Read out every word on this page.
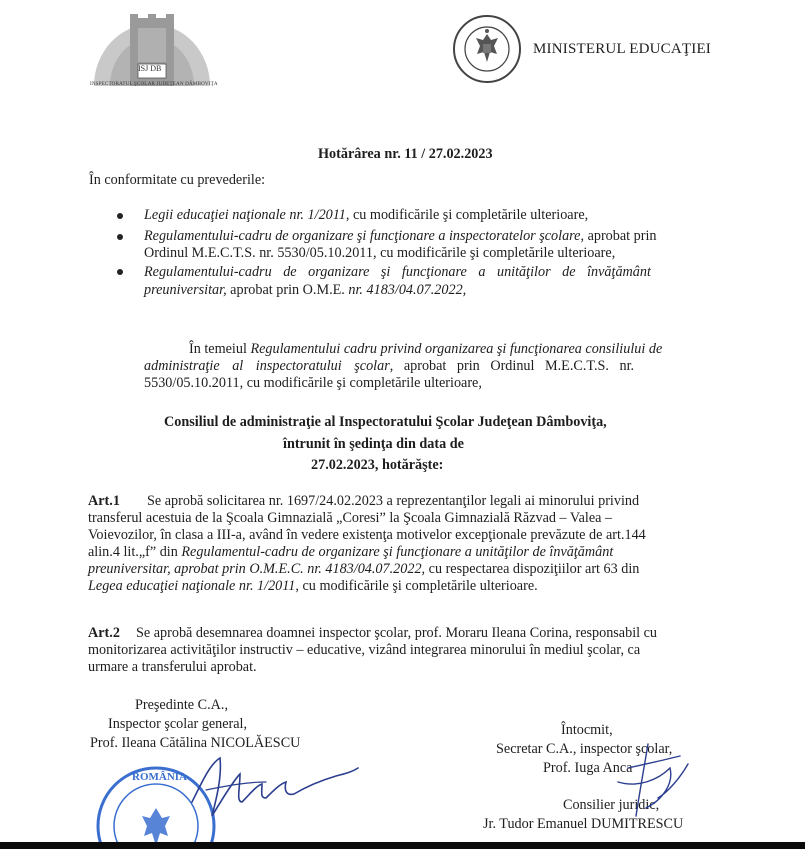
ISJ DB
INSPECTORATUL ŞCOLAR JUDEŢEAN DÂMBOVIŢA
MINISTERUL EDUCAŢIEI
Hotărârea nr. 11 / 27.02.2023
În conformitate cu prevederile:
Legii educaţiei naţionale nr. 1/2011, cu modificările şi completările ulterioare,
Regulamentului-cadru de organizare şi funcţionare a inspectoratelor şcolare, aprobat prin
Ordinul M.E.C.T.S. nr. 5530/05.10.2011, cu modificările şi completările ulterioare,
Regulamentului-cadru de organizare şi funcţionare a unităţilor de învăţământ
preuniversitar, aprobat prin O.M.E. nr. 4183/04.07.2022,
În temeiul Regulamentului cadru privind organizarea şi funcţionarea consiliului de
administraţie al inspectoratului şcolar, aprobat prin Ordinul M.E.C.T.S. nr.
5530/05.10.2011, cu modificările şi completările ulterioare,
Consiliul de administraţie al Inspectoratului Şcolar Judeţean Dâmboviţa,
întrunit în şedinţa din data de
27.02.2023, hotărăşte:
Art.1 Se aprobă solicitarea nr. 1697/24.02.2023 a reprezentanţilor legali ai minorului privind
transferul acestuia de la Şcoala Gimnazială „Coresi” la Şcoala Gimnazială Răzvad – Valea –
Voievozilor, în clasa a III-a, având în vedere existenţa motivelor excepţionale prevăzute de art.144
alin.4 lit.„f” din Regulamentul-cadru de organizare şi funcţionare a unităţilor de învăţământ
preuniversitar, aprobat prin O.M.E.C. nr. 4183/04.07.2022, cu respectarea dispoziţiilor art 63 din
Legea educaţiei naţionale nr. 1/2011, cu modificările şi completările ulterioare.
Art.2 Se aprobă desemnarea doamnei inspector şcolar, prof. Moraru Ileana Corina, responsabil cu
monitorizarea activităţilor instructiv – educative, vizând integrarea minorului în mediul şcolar, ca
urmare a transferului aprobat.
Preşedinte C.A.,
Inspector şcolar general,
Prof. Ileana Cătălina NICOLĂESCU
ROMÂNIA
Întocmit,
Secretar C.A., inspector şcolar,
Prof. Iuga Anca
Consilier juridic,
Jr. Tudor Emanuel DUMITRESCU
